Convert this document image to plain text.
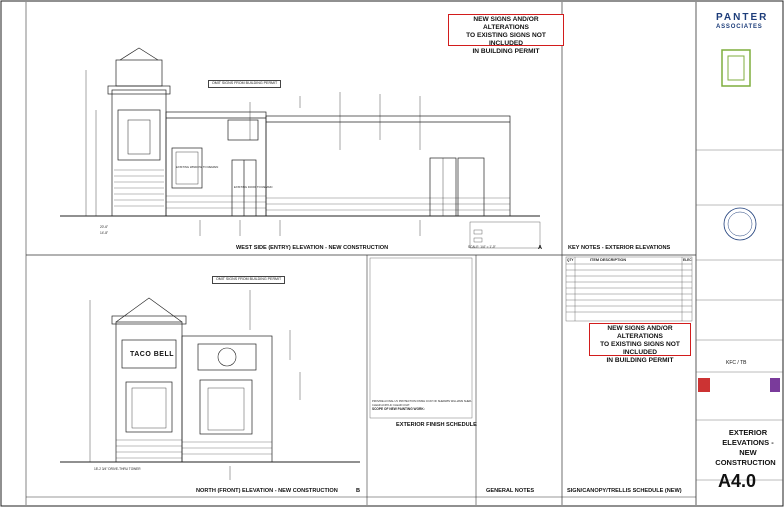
NEW SIGNS AND/OR ALTERATIONS
TO EXISTING SIGNS NOT INCLUDED
IN BUILDING PERMIT
NEW SIGNS AND/OR ALTERATIONS
TO EXISTING SIGNS NOT INCLUDED
IN BUILDING PERMIT
OMIT SIGNS FROM BUILDING PERMIT
OMIT SIGNS FROM BUILDING PERMIT
EXISTING WINDOW TO REMAIN
EXISTING DOOR TO REMAIN
TACO BELL
18'-2 3/4" DRIVE-THRU TOWER
20'-6"
14'-8"
WEST SIDE (ENTRY) ELEVATION - NEW CONSTRUCTION	SCALE: 1/4" = 1'-0"	A
NORTH (FRONT) ELEVATION - NEW CONSTRUCTION	B
KEY NOTES - EXTERIOR ELEVATIONS
EXTERIOR FINISH SCHEDULE
SCOPE OF NEW PAINTING WORK:
PROVIDE A FINAL UV PROTECTION FINISH COAT OF SHERWIN WILLIAMS SHER-CLEAR ACRYLIC CLEAR COAT.
GENERAL NOTES	SIGN/CANOPY/TRELLIS SCHEDULE (NEW)
QTY	ITEM DESCRIPTION	ELEC
PANTER
ASSOCIATES
KFC / TB
EXTERIOR
ELEVATIONS -
NEW
CONSTRUCTION
A4.0
